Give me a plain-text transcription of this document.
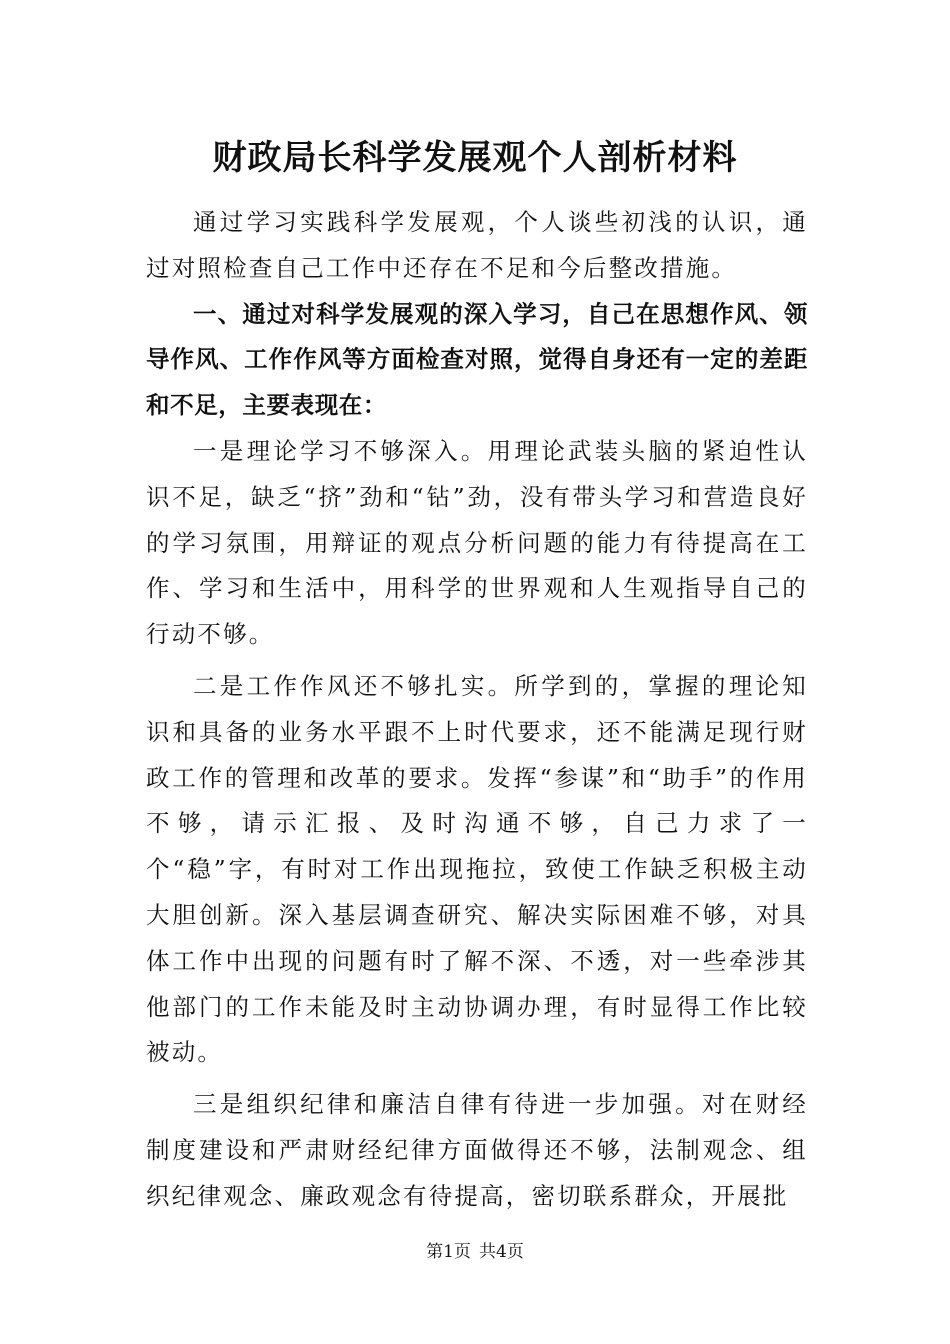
财政局长科学发展观个人剖析材料

通过学习实践科学发展观，个人谈些初浅的认识，通过对照检查自己工作中还存在不足和今后整改措施。

一、通过对科学发展观的深入学习，自己在思想作风、领导作风、工作作风等方面检查对照，觉得自身还有一定的差距和不足，主要表现在：

一是理论学习不够深入。用理论武装头脑的紧迫性认识不足，缺乏“挤”劲和“钻”劲，没有带头学习和营造良好的学习氛围，用辩证的观点分析问题的能力有待提高在工作、学习和生活中，用科学的世界观和人生观指导自己的行动不够。

二是工作作风还不够扎实。所学到的，掌握的理论知识和具备的业务水平跟不上时代要求，还不能满足现行财政工作的管理和改革的要求。发挥“参谋”和“助手”的作用不够，请示汇报、及时沟通不够，自己力求了一个“稳”字，有时对工作出现拖拉，致使工作缺乏积极主动大胆创新。深入基层调查研究、解决实际困难不够，对具体工作中出现的问题有时了解不深、不透，对一些牵涉其他部门的工作未能及时主动协调办理，有时显得工作比较被动。

三是组织纪律和廉洁自律有待进一步加强。对在财经制度建设和严肃财经纪律方面做得还不够，法制观念、组织纪律观念、廉政观念有待提高，密切联系群众，开展批

第1页 共4页
